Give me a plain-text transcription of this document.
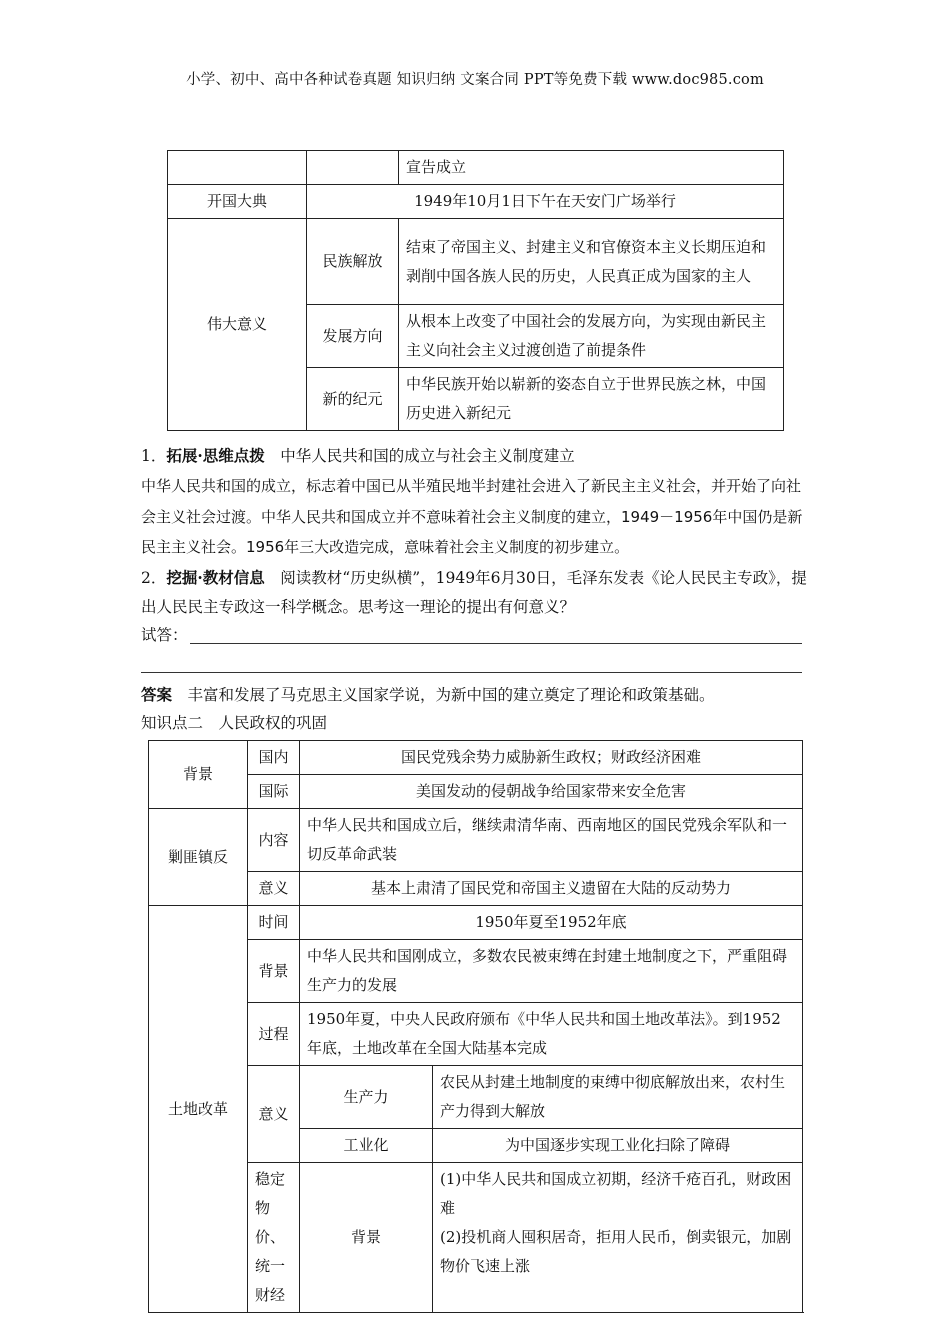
小学、初中、高中各种试卷真题 知识归纳 文案合同 PPT等免费下载 www.doc985.com
		宣告成立
开国大典	1949年10月1日下午在天安门广场举行	
伟大意义	民族解放	结束了帝国主义、封建主义和官僚资本主义长期压迫和剥削中国各族人民的历史，人民真正成为国家的主人
	发展方向	从根本上改变了中国社会的发展方向，为实现由新民主主义向社会主义过渡创造了前提条件
	新的纪元	中华民族开始以崭新的姿态自立于世界民族之林，中国历史进入新纪元
1．拓展·思维点拨　 中华人民共和国的成立与社会主义制度建立
中华人民共和国的成立，标志着中国已从半殖民地半封建社会进入了新民主主义社会，并开始了向社会主义社会过渡。中华人民共和国成立并不意味着社会主义制度的建立，1949－1956年中国仍是新民主主义社会。1956年三大改造完成，意味着社会主义制度的初步建立。
2．挖掘·教材信息　 阅读教材“历史纵横”，1949年6月30日，毛泽东发表《论人民民主专政》，提出人民民主专政这一科学概念。思考这一理论的提出有何意义？
试答：
答案　 丰富和发展了马克思主义国家学说，为新中国的建立奠定了理论和政策基础。
知识点二　人民政权的巩固
背景	国内	国民党残余势力威胁新生政权；财政经济困难	
	国际	美国发动的侵朝战争给国家带来安全危害	
剿匪镇反	内容	中华人民共和国成立后，继续肃清华南、西南地区的国民党残余军队和一切反革命武装	
	意义	基本上肃清了国民党和帝国主义遗留在大陆的反动势力	
土地改革	时间	1950年夏至1952年底	
	背景	中华人民共和国刚成立，多数农民被束缚在封建土地制度之下，严重阻碍生产力的发展	
	过程	1950年夏，中央人民政府颁布《中华人民共和国土地改革法》。到1952年底，土地改革在全国大陆基本完成	
	意义	生产力	农民从封建土地制度的束缚中彻底解放出来，农村生产力得到大解放
		工业化	为中国逐步实现工业化扫除了障碍
	稳定物价、统一财经	背景	(1)中华人民共和国成立初期，经济千疮百孔，财政困难
(2)投机商人囤积居奇，拒用人民币，倒卖银元，加剧物价飞速上涨
